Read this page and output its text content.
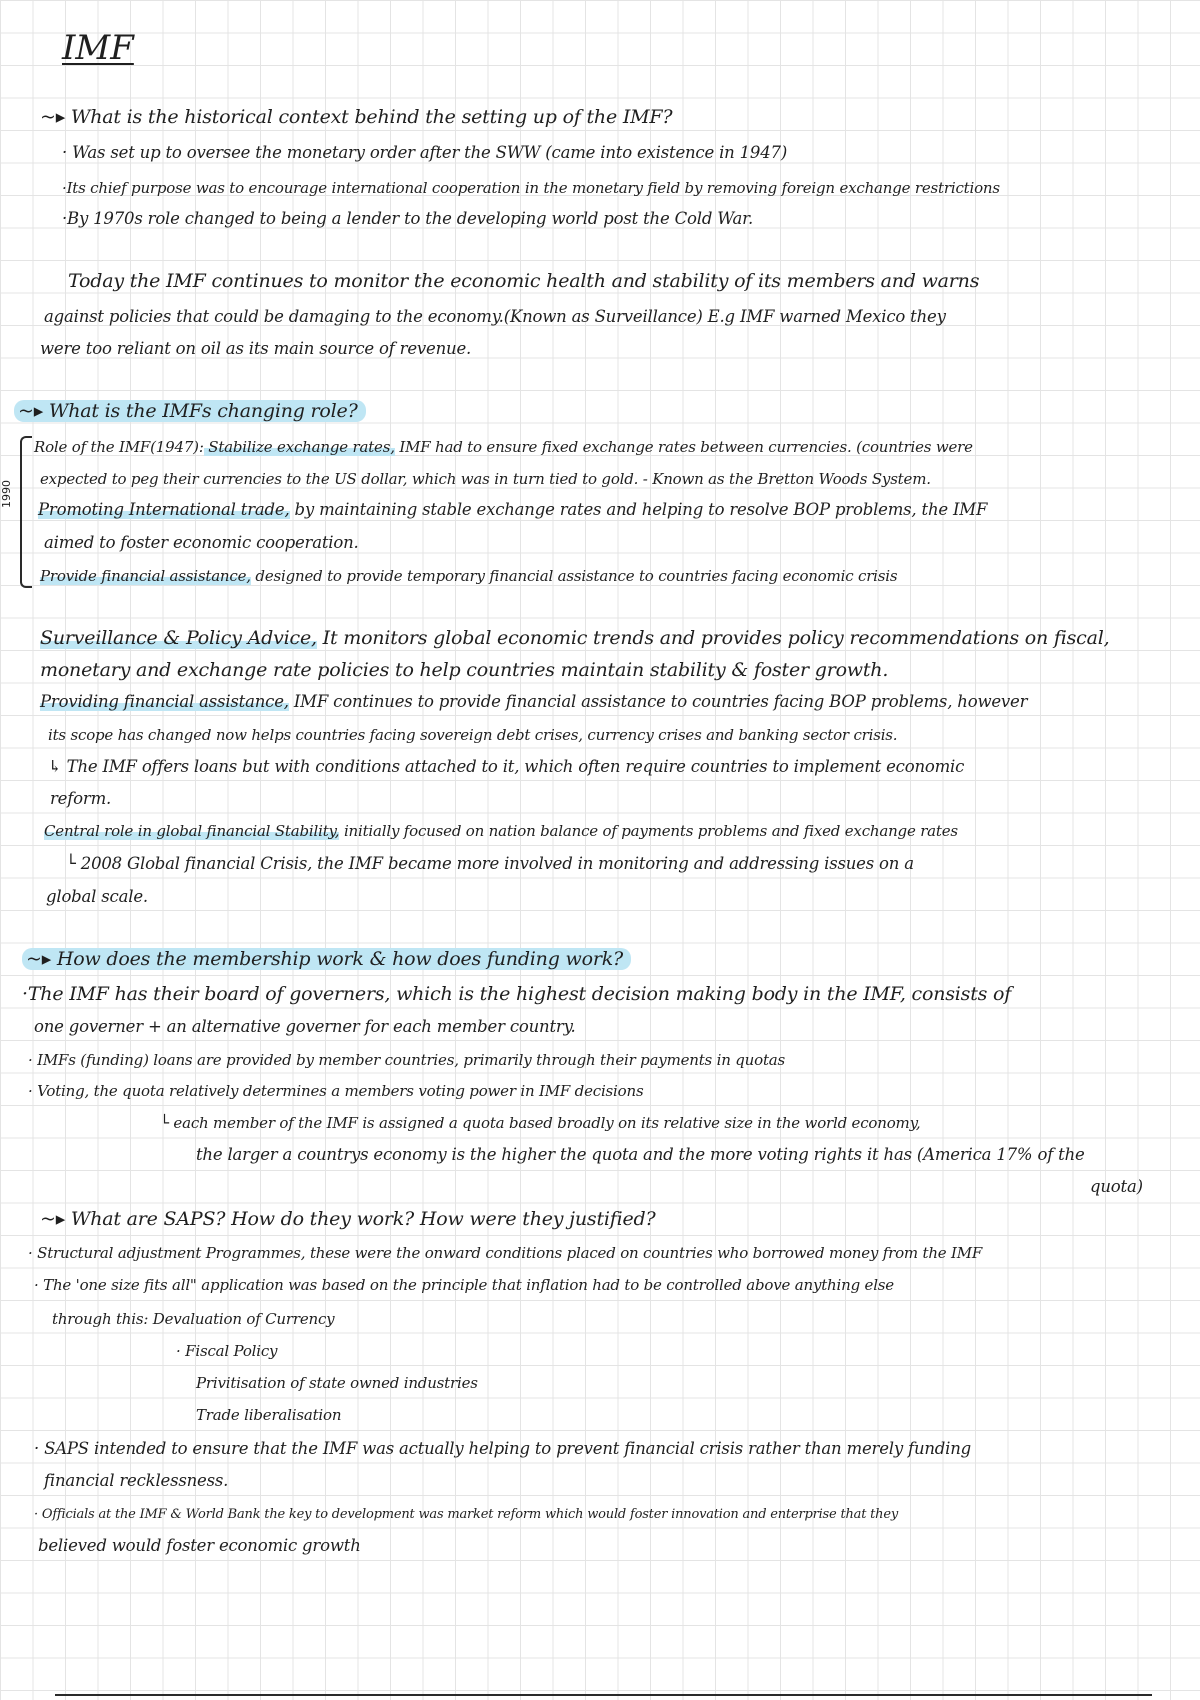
IMF
1990
~▸ What is the historical context behind the setting up of the IMF?
· Was set up to oversee the monetary order after the SWW (came into existence in 1947)
·Its chief purpose was to encourage international cooperation in the monetary field by removing foreign exchange restrictions
·By 1970s role changed to being a lender to the developing world post the Cold War.
Today the IMF continues to monitor the economic health and stability of its members and warns
against policies that could be damaging to the economy.(Known as Surveillance) E.g IMF warned Mexico they
were too reliant on oil as its main source of revenue.
~▸ What is the IMFs changing role?
Role of the IMF(1947): Stabilize exchange rates, IMF had to ensure fixed exchange rates between currencies. (countries were
expected to peg their currencies to the US dollar, which was in turn tied to gold. - Known as the Bretton Woods System.
Promoting International trade, by maintaining stable exchange rates and helping to resolve BOP problems, the IMF
aimed to foster economic cooperation.
Provide financial assistance, designed to provide temporary financial assistance to countries facing economic crisis
Surveillance & Policy Advice, It monitors global economic trends and provides policy recommendations on fiscal,
monetary and exchange rate policies to help countries maintain stability & foster growth.
Providing financial assistance, IMF continues to provide financial assistance to countries facing BOP problems, however
its scope has changed now helps countries facing sovereign debt crises, currency crises and banking sector crisis.
↳ The IMF offers loans but with conditions attached to it, which often require countries to implement economic
reform.
Central role in global financial Stability, initially focused on nation balance of payments problems and fixed exchange rates
└ 2008 Global financial Crisis, the IMF became more involved in monitoring and addressing issues on a
global scale.
~▸ How does the membership work & how does funding work?
·The IMF has their board of governers, which is the highest decision making body in the IMF, consists of
one governer + an alternative governer for each member country.
· IMFs (funding) loans are provided by member countries, primarily through their payments in quotas
· Voting, the quota relatively determines a members voting power in IMF decisions
└ each member of the IMF is assigned a quota based broadly on its relative size in the world economy,
the larger a countrys economy is the higher the quota and the more voting rights it has (America 17% of the
quota)
~▸ What are SAPS? How do they work? How were they justified?
· Structural adjustment Programmes, these were the onward conditions placed on countries who borrowed money from the IMF
· The 'one size fits all" application was based on the principle that inflation had to be controlled above anything else
through this: Devaluation of Currency
· Fiscal Policy
Privitisation of state owned industries
Trade liberalisation
· SAPS intended to ensure that the IMF was actually helping to prevent financial crisis rather than merely funding
financial recklessness.
· Officials at the IMF & World Bank the key to development was market reform which would foster innovation and enterprise that they
believed would foster economic growth
